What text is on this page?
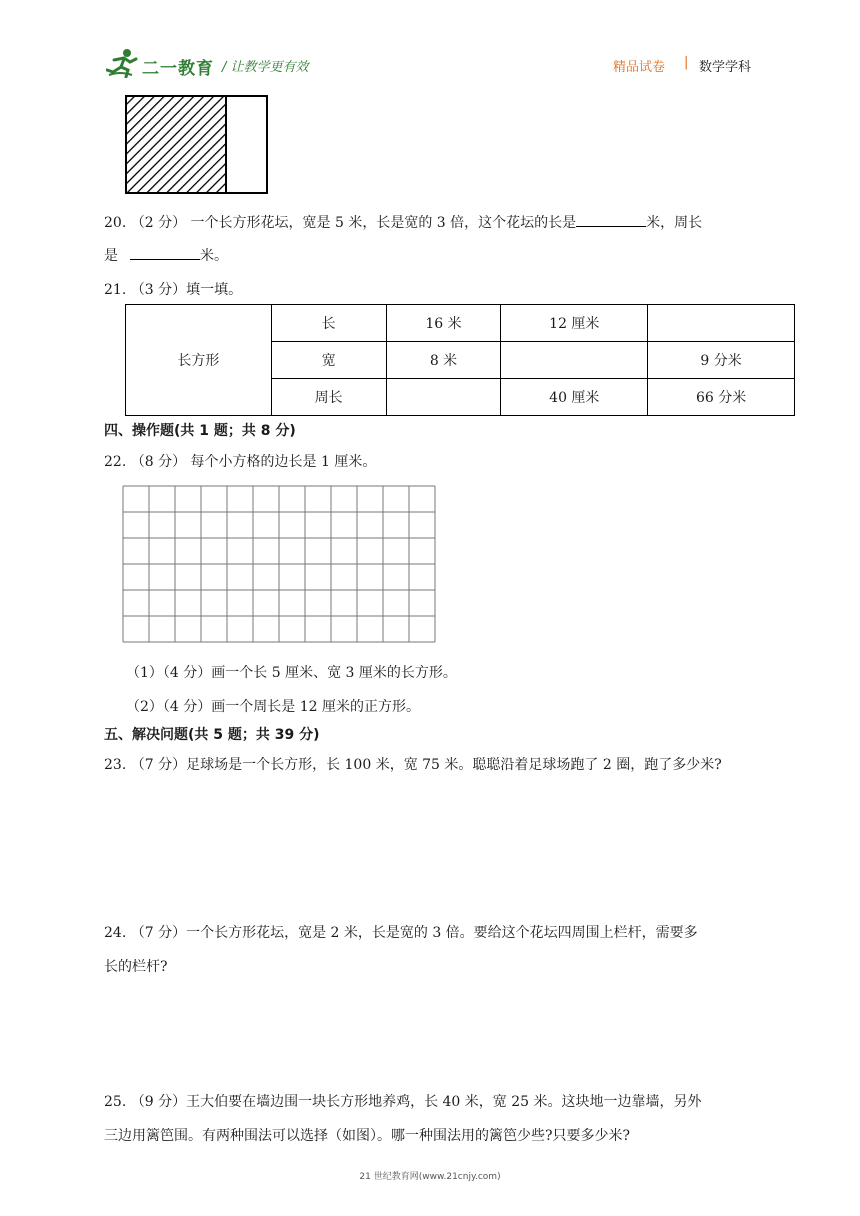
二一教育 / 让教学更有效	精品试卷 | 数学学科
20. （2 分） 一个长方形花坛，宽是 5 米，长是宽的 3 倍，这个花坛的长是	米，周长
是	米。
21. （3 分）填一填。
长方形	长	16 米	12 厘米	
	宽	8 米		9 分米
	周长		40 厘米	66 分米
四、操作题(共 1 题；共 8 分)
22. （8 分） 每个小方格的边长是 1 厘米。
（1）（4 分）画一个长 5 厘米、宽 3 厘米的长方形。
（2）（4 分）画一个周长是 12 厘米的正方形。
五、解决问题(共 5 题；共 39 分)
23. （7 分）足球场是一个长方形，长 100 米，宽 75 米。聪聪沿着足球场跑了 2 圈，跑了多少米?
24. （7 分）一个长方形花坛，宽是 2 米，长是宽的 3 倍。要给这个花坛四周围上栏杆，需要多
长的栏杆?
25. （9 分）王大伯要在墙边围一块长方形地养鸡，长 40 米，宽 25 米。这块地一边靠墙，另外
三边用篱笆围。有两种围法可以选择（如图）。哪一种围法用的篱笆少些?只要多少米?
21 世纪教育网(www.21cnjy.com)
